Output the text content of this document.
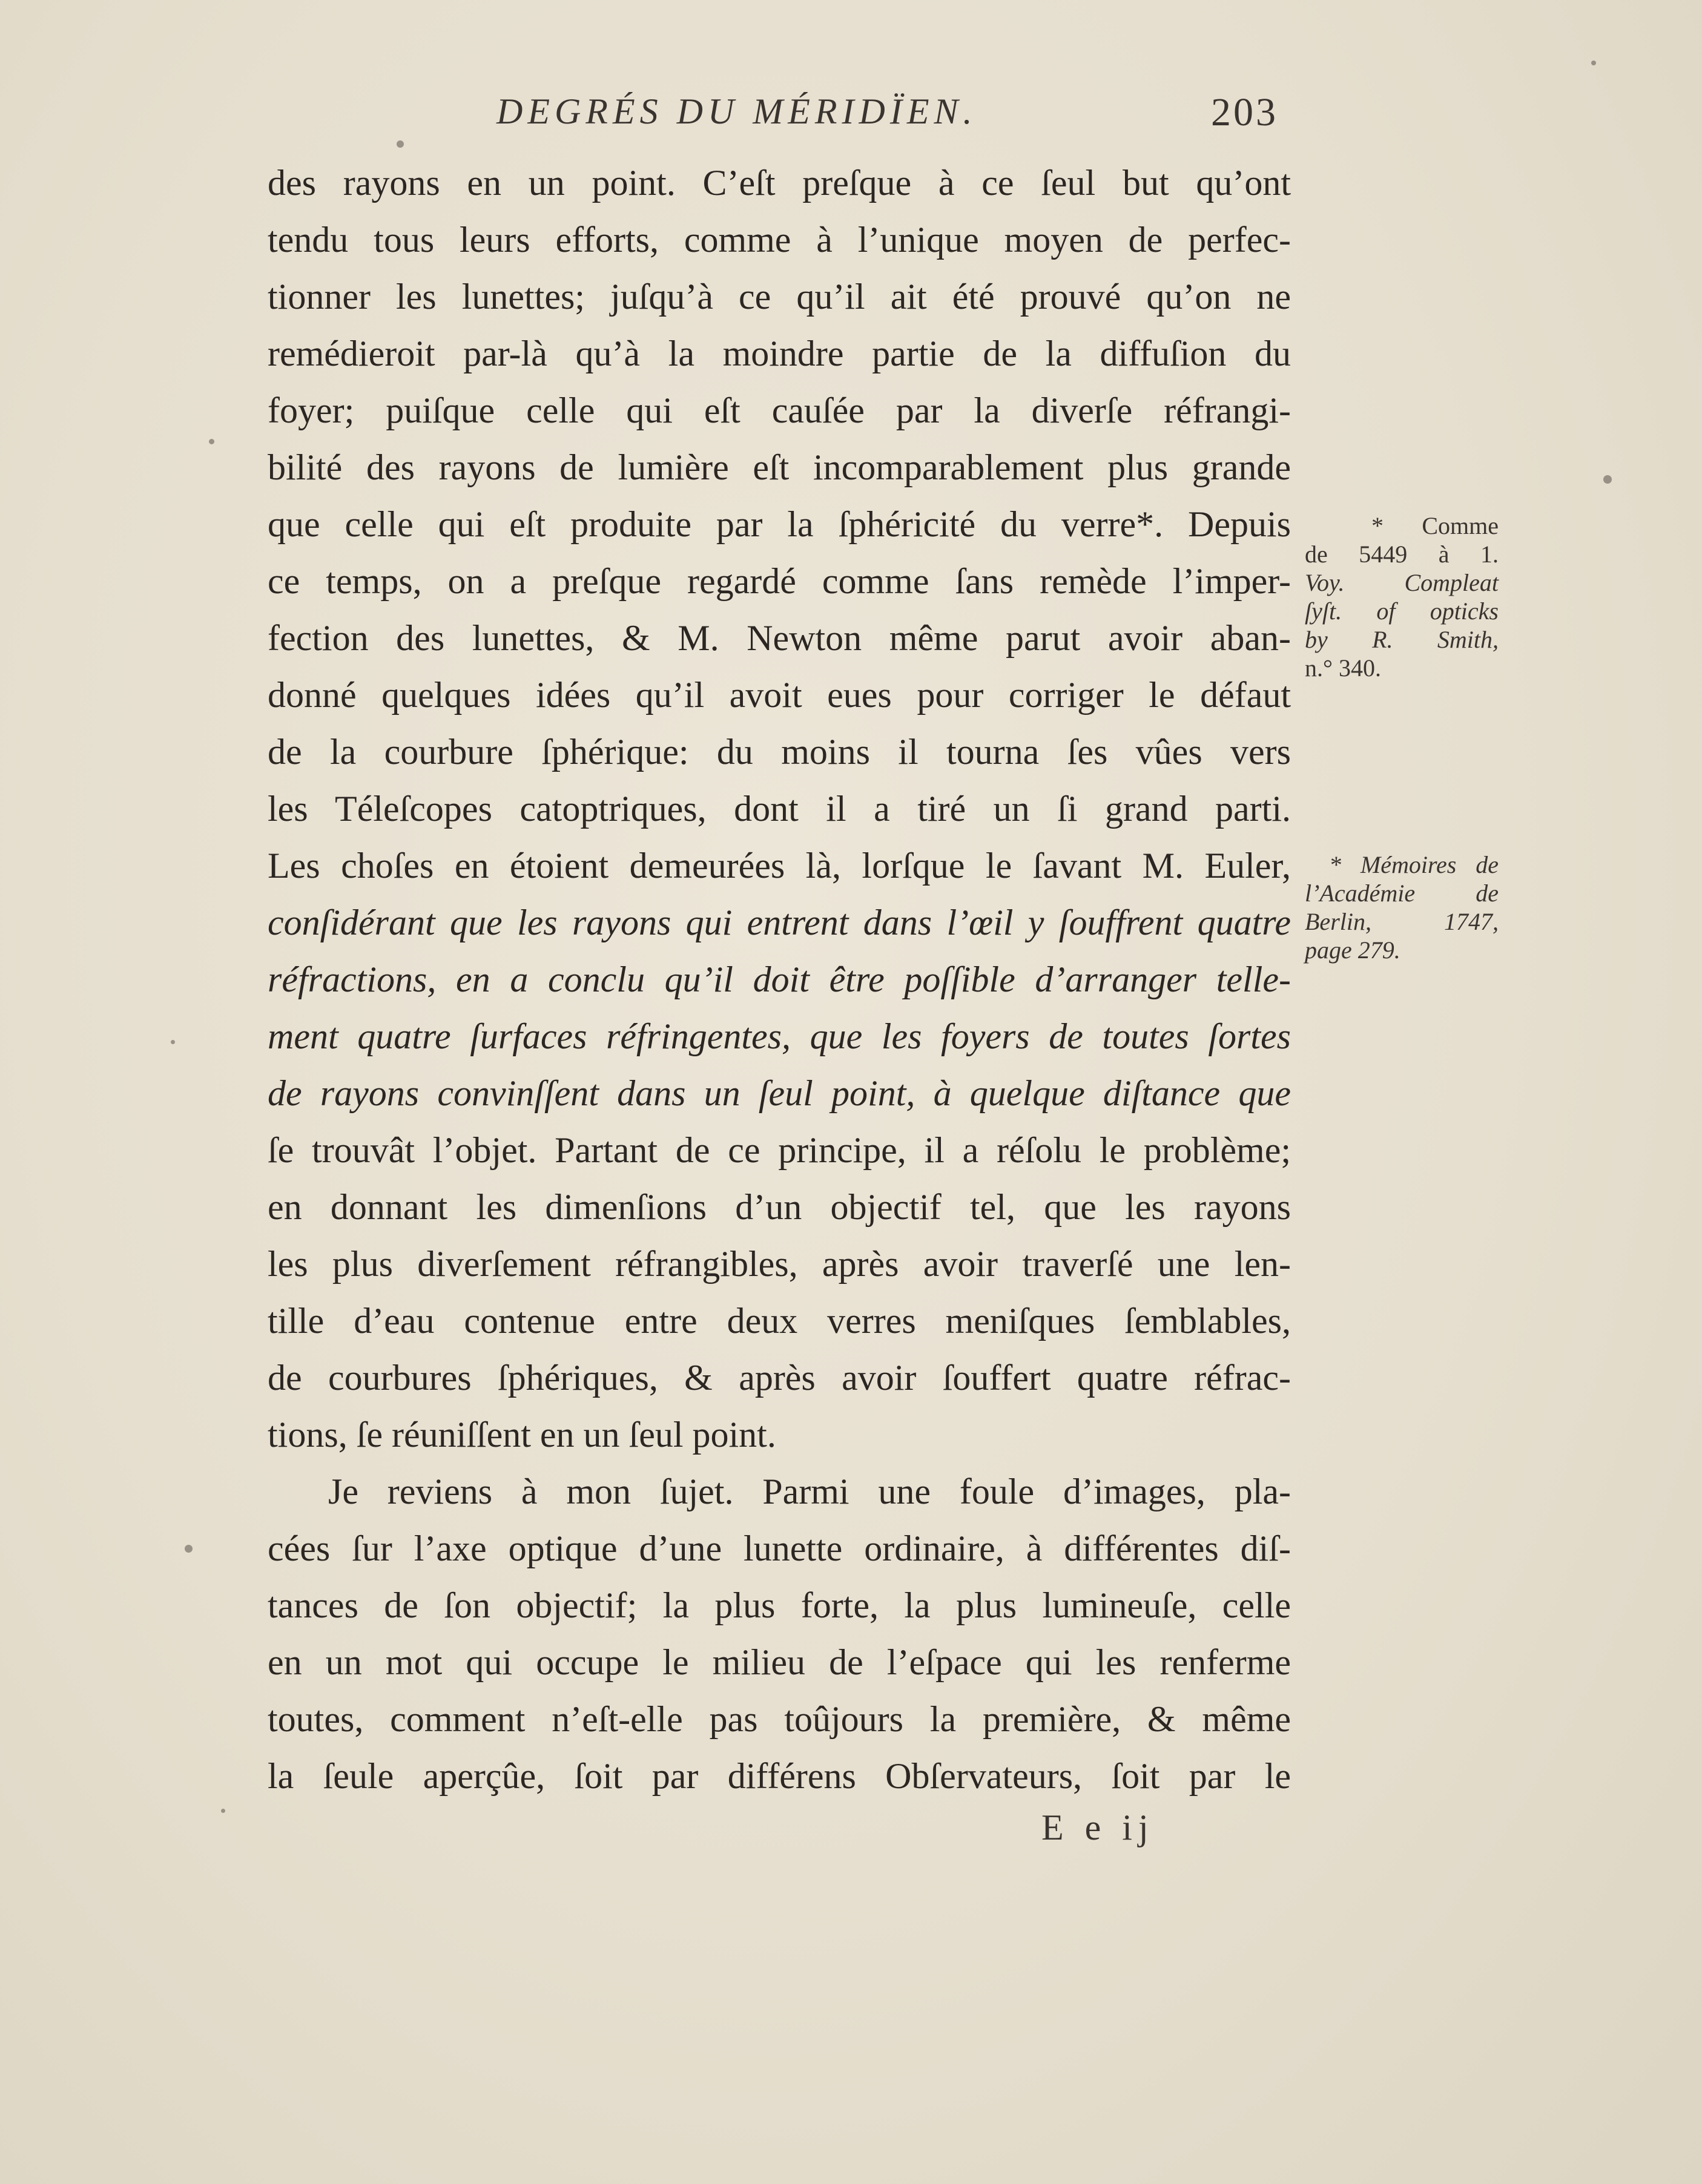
DEGRÉS DU MÉRIDÏEN.	203
des rayons en un point. C’eſt preſque à ce ſeul but qu’ont
tendu tous leurs efforts, comme à l’unique moyen de perfec-
tionner les lunettes; juſqu’à ce qu’il ait été prouvé qu’on ne
remédieroit par-là qu’à la moindre partie de la diffuſion du
foyer; puiſque celle qui eſt cauſée par la diverſe réfrangi-
bilité des rayons de lumière eſt incomparablement plus grande
que celle qui eſt produite par la ſphéricité du verre*. Depuis
ce temps, on a preſque regardé comme ſans remède l’imper-
fection des lunettes, & M. Newton même parut avoir aban-
donné quelques idées qu’il avoit eues pour corriger le défaut
de la courbure ſphérique: du moins il tourna ſes vûes vers
les Téleſcopes catoptriques, dont il a tiré un ſi grand parti.
Les choſes en étoient demeurées là, lorſque le ſavant M. Euler,
conſidérant que les rayons qui entrent dans l’œil y ſouffrent quatre
réfractions, en a conclu qu’il doit être poſſible d’arranger telle-
ment quatre ſurfaces réfringentes, que les foyers de toutes ſortes
de rayons convinſſent dans un ſeul point, à quelque diſtance que
ſe trouvât l’objet. Partant de ce principe, il a réſolu le problème;
en donnant les dimenſions d’un objectif tel, que les rayons
les plus diverſement réfrangibles, après avoir traverſé une len-
tille d’eau contenue entre deux verres meniſques ſemblables,
de courbures ſphériques, & après avoir ſouffert quatre réfrac-
tions, ſe réuniſſent en un ſeul point.
Je reviens à mon ſujet. Parmi une foule d’images, pla-
cées ſur l’axe optique d’une lunette ordinaire, à différentes diſ-
tances de ſon objectif; la plus forte, la plus lumineuſe, celle
en un mot qui occupe le milieu de l’eſpace qui les renferme
toutes, comment n’eſt-elle pas toûjours la première, & même
la ſeule aperçûe, ſoit par différens Obſervateurs, ſoit par le
* Comme
de 5449 à 1.
Voy. Compleat
ſyſt. of opticks
by R. Smith,
n.° 340.
* Mémoires de
l’Académie de
Berlin, 1747,
page 279.
E e ij
